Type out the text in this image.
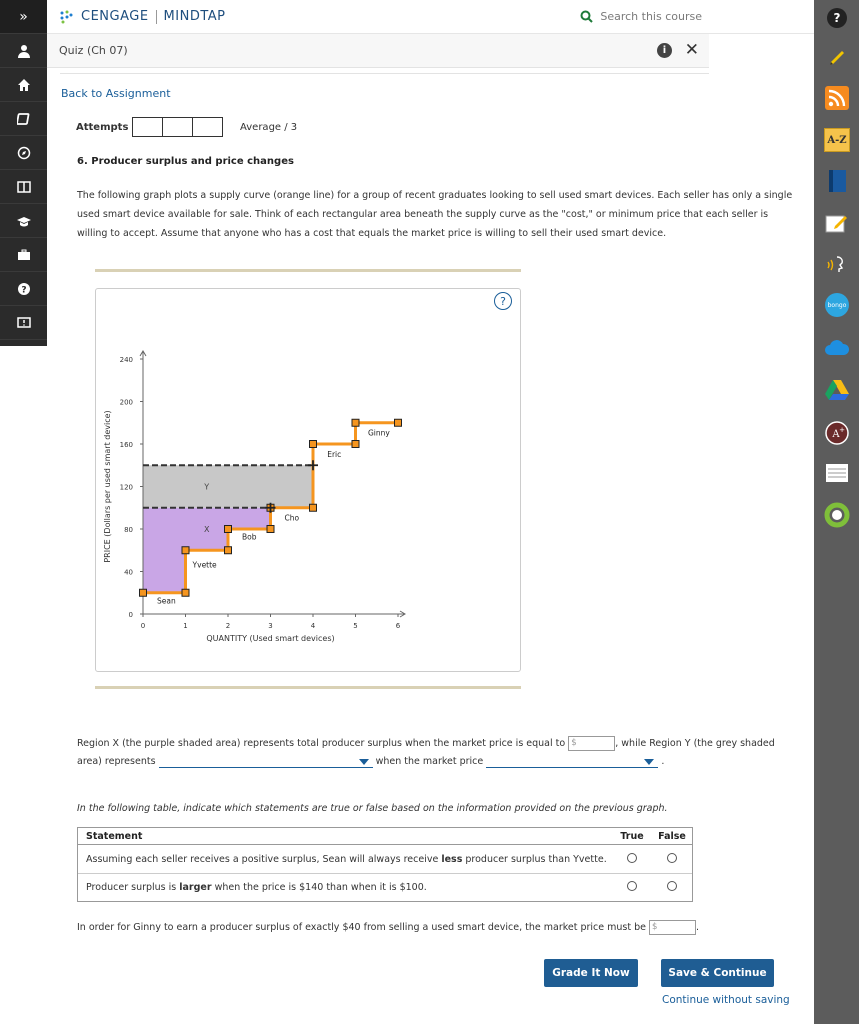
»
?
?
A-Z
bongo
A +
CENGAGE MINDTAP	Search this course
Quiz (Ch 07)	i	✕
Back to Assignment
Attempts	Average / 3
6. Producer surplus and price changes
The following graph plots a supply curve (orange line) for a group of recent graduates looking to sell used smart devices. Each seller has only a single used smart device available for sale. Think of each rectangular area beneath the supply curve as the "cost," or minimum price that each seller is willing to accept. Assume that anyone who has a cost that equals the market price is willing to sell their used smart device.
?
0
40
80
120
160
200
240
0	1	2	3	4	5	6
QUANTITY (Used smart devices)
PRICE (Dollars per used smart device)
Sean
Yvette
Bob
Cho
Eric
Ginny
X
Y
Region X (the purple shaded area) represents total producer surplus when the market price is equal to $	, while Region Y (the grey shaded
area) represents	when the market price	.
In the following table, indicate which statements are true or false based on the information provided on the previous graph.
Statement	True	False
Assuming each seller receives a positive surplus, Sean will always receive less producer surplus than Yvette.
Producer surplus is larger when the price is $140 than when it is $100.
In order for Ginny to earn a producer surplus of exactly $40 from selling a used smart device, the market price must be $	.
Grade It Now	Save & Continue
Continue without saving
